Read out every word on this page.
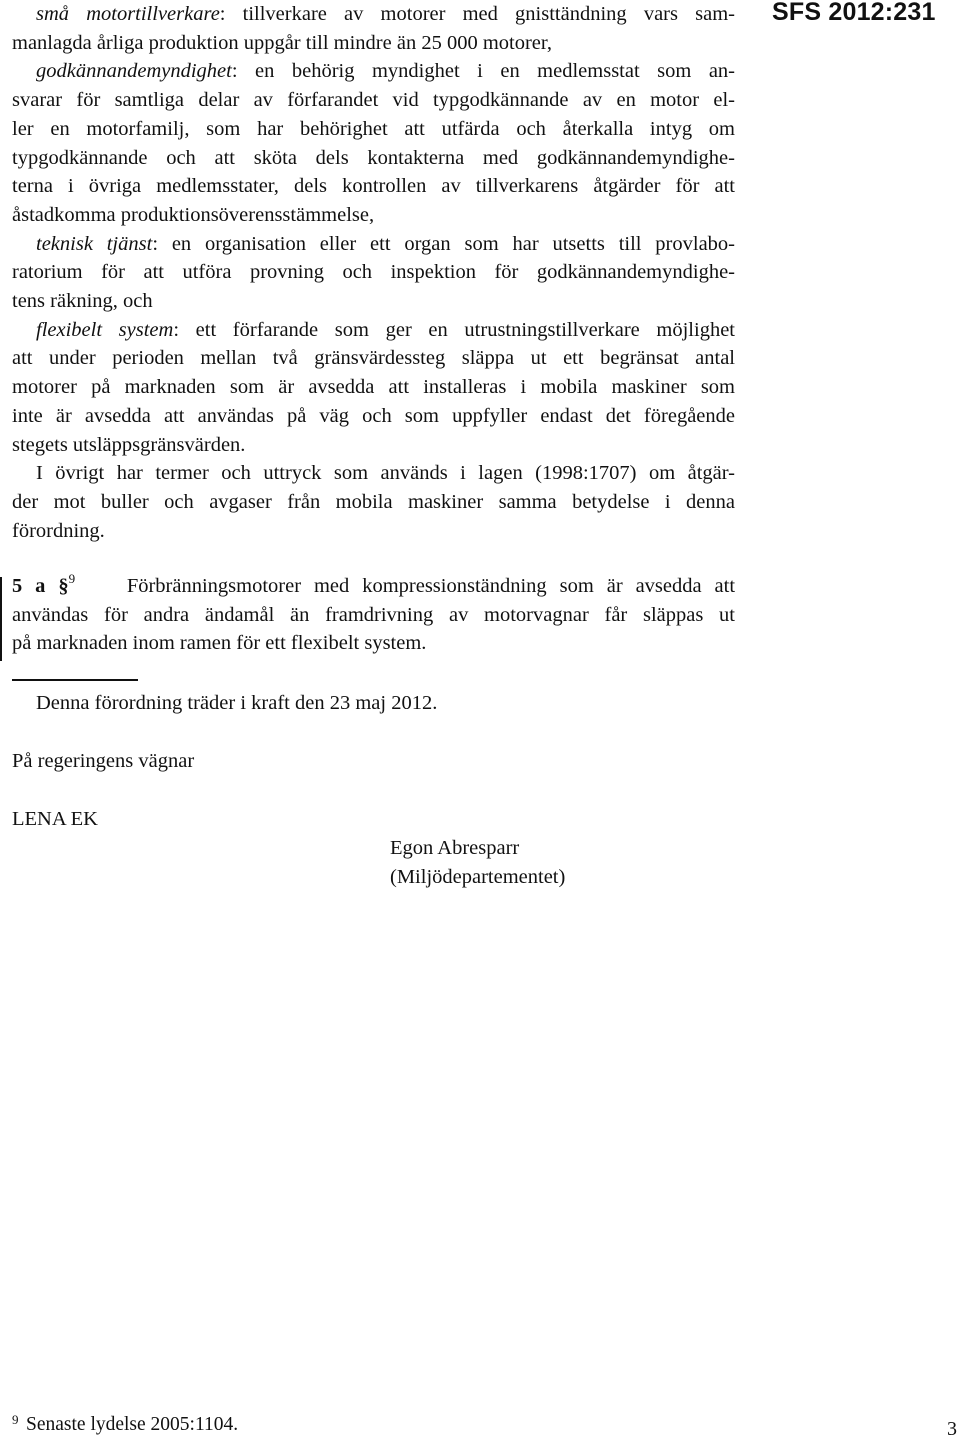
SFS 2012:231

små motortillverkare: tillverkare av motorer med gnisttändning vars sam-
manlagda årliga produktion uppgår till mindre än 25 000 motorer,

godkännandemyndighet: en behörig myndighet i en medlemsstat som an-
svarar för samtliga delar av förfarandet vid typgodkännande av en motor el-
ler en motorfamilj, som har behörighet att utfärda och återkalla intyg om
typgodkännande och att sköta dels kontakterna med godkännandemyndighe-
terna i övriga medlemsstater, dels kontrollen av tillverkarens åtgärder för att
åstadkomma produktionsöverensstämmelse,

teknisk tjänst: en organisation eller ett organ som har utsetts till provlabo-
ratorium för att utföra provning och inspektion för godkännandemyndighe-
tens räkning, och

flexibelt system: ett förfarande som ger en utrustningstillverkare möjlighet
att under perioden mellan två gränsvärdessteg släppa ut ett begränsat antal
motorer på marknaden som är avsedda att installeras i mobila maskiner som
inte är avsedda att användas på väg och som uppfyller endast det föregående
stegets utsläppsgränsvärden.

I övrigt har termer och uttryck som används i lagen (1998:1707) om åtgär-
der mot buller och avgaser från mobila maskiner samma betydelse i denna
förordning.

5 a §$^9$	Förbränningsmotorer med kompressionständning som är avsedda att
användas för andra ändamål än framdrivning av motorvagnar får släppas ut
på marknaden inom ramen för ett flexibelt system.
Denna förordning träder i kraft den 23 maj 2012.
På regeringens vägnar
LENA EK
Egon Abresparr
(Miljödepartementet)
9 Senaste lydelse 2005:1104.	3
